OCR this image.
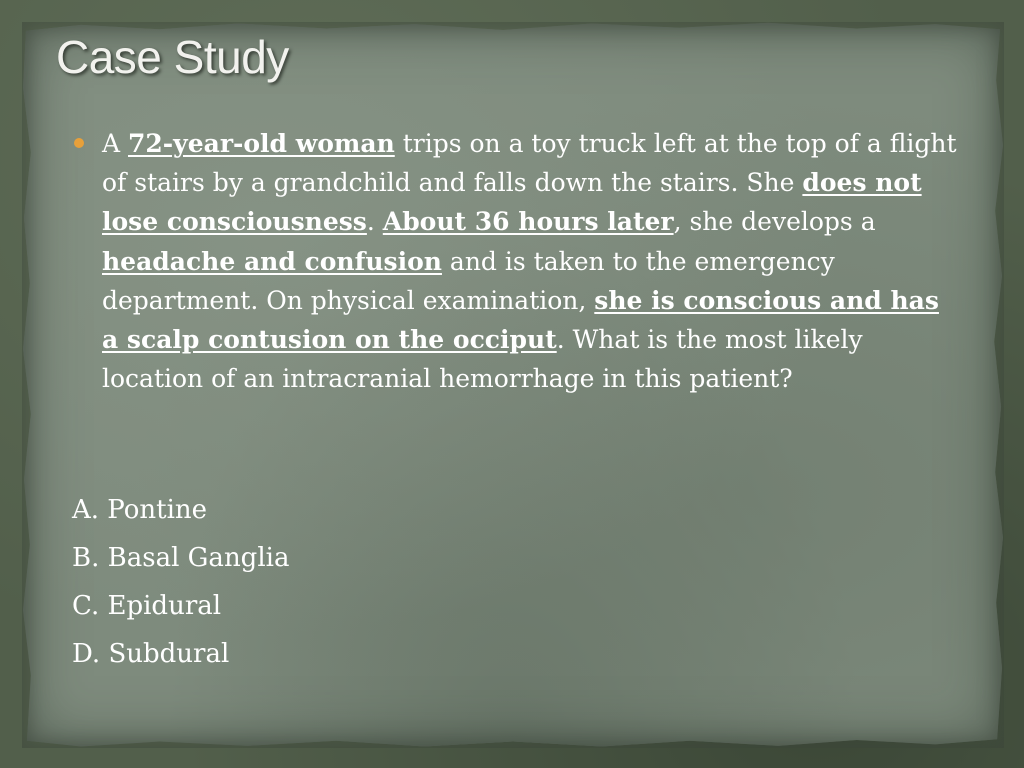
Case Study
A 72-year-old woman trips on a toy truck left at the top of a flight of stairs by a grandchild and falls down the stairs. She does not lose consciousness. About 36 hours later, she develops a headache and confusion and is taken to the emergency department. On physical examination, she is conscious and has a scalp contusion on the occiput. What is the most likely location of an intracranial hemorrhage in this patient?
A. Pontine
B. Basal Ganglia
C. Epidural
D. Subdural
